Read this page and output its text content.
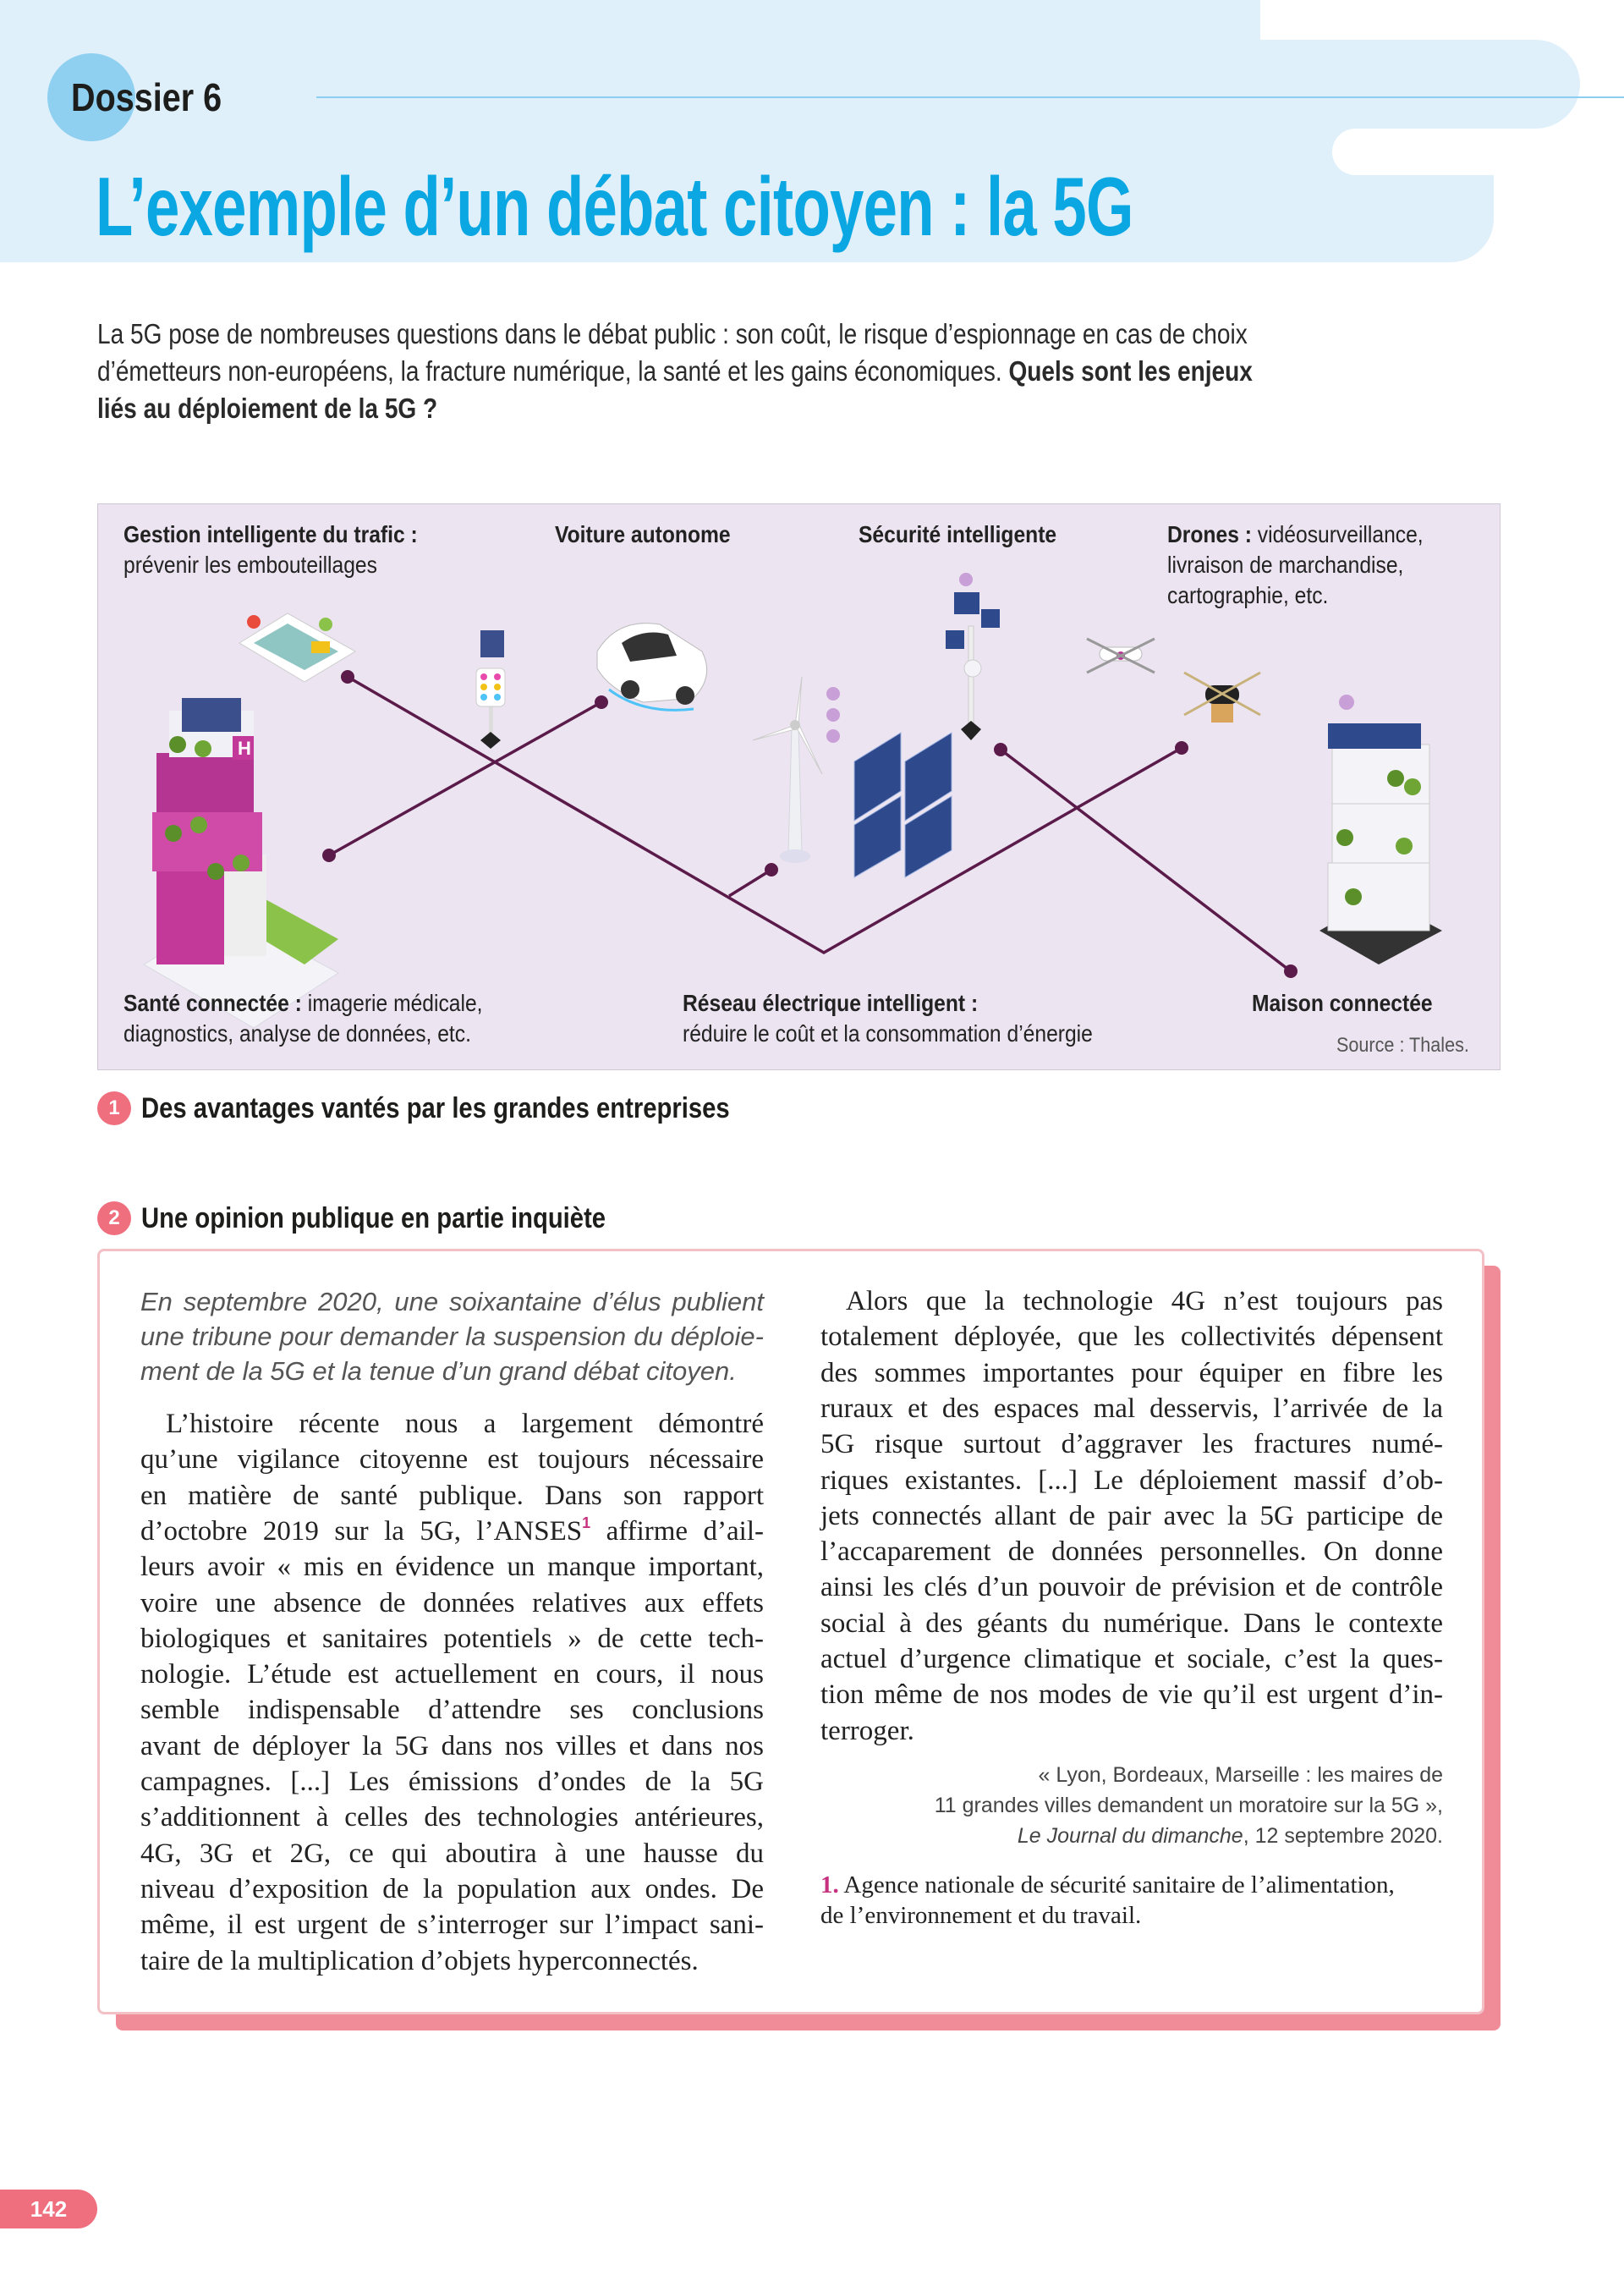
Dossier 6
L’exemple d’un débat citoyen : la 5G
La 5G pose de nombreuses questions dans le débat public : son coût, le risque d’espionnage en cas de choix
d’émetteurs non-européens, la fracture numérique, la santé et les gains économiques. Quels sont les enjeux
liés au déploiement de la 5G ?
H
Gestion intelligente du trafic :
prévenir les embouteillages
Voiture autonome	Sécurité intelligente	Drones : vidéosurveillance,
livraison de marchandise,
cartographie, etc.
Santé connectée : imagerie médicale,
diagnostics, analyse de données, etc.
Réseau électrique intelligent :
réduire le coût et la consommation d’énergie
Maison connectée
Source : Thales.
1 Des avantages vantés par les grandes entreprises
2 Une opinion publique en partie inquiète
« Lyon, Bordeaux, Marseille : les maires de
11 grandes villes demandent un moratoire sur la 5G »,
Le Journal du dimanche, 12 septembre 2020.
1. Agence nationale de sécurité sanitaire de l’alimentation,
de l’environnement et du travail.
142
En septembre 2020, une soixantaine d’élus publient
une tribune pour demander la suspension du déploie-
ment de la 5G et la tenue d’un grand débat citoyen.
L’histoire récente nous a largement démontré
qu’une vigilance citoyenne est toujours nécessaire
en matière de santé publique. Dans son rapport
d’octobre 2019 sur la 5G, l’ANSES$^1$ affirme d’ail-
leurs avoir « mis en évidence un manque important,
voire une absence de données relatives aux effets
biologiques et sanitaires potentiels » de cette tech-
nologie. L’étude est actuellement en cours, il nous
semble indispensable d’attendre ses conclusions
avant de déployer la 5G dans nos villes et dans nos
campagnes. [...] Les émissions d’ondes de la 5G
s’additionnent à celles des technologies antérieures,
4G, 3G et 2G, ce qui aboutira à une hausse du
niveau d’exposition de la population aux ondes. De
même, il est urgent de s’interroger sur l’impact sani-
taire de la multiplication d’objets hyperconnectés.
Alors que la technologie 4G n’est toujours pas
totalement déployée, que les collectivités dépensent
des sommes importantes pour équiper en fibre les
ruraux et des espaces mal desservis, l’arrivée de la
5G risque surtout d’aggraver les fractures numé-
riques existantes. [...] Le déploiement massif d’ob-
jets connectés allant de pair avec la 5G participe de
l’accaparement de données personnelles. On donne
ainsi les clés d’un pouvoir de prévision et de contrôle
social à des géants du numérique. Dans le contexte
actuel d’urgence climatique et sociale, c’est la ques-
tion même de nos modes de vie qu’il est urgent d’in-
terroger.
